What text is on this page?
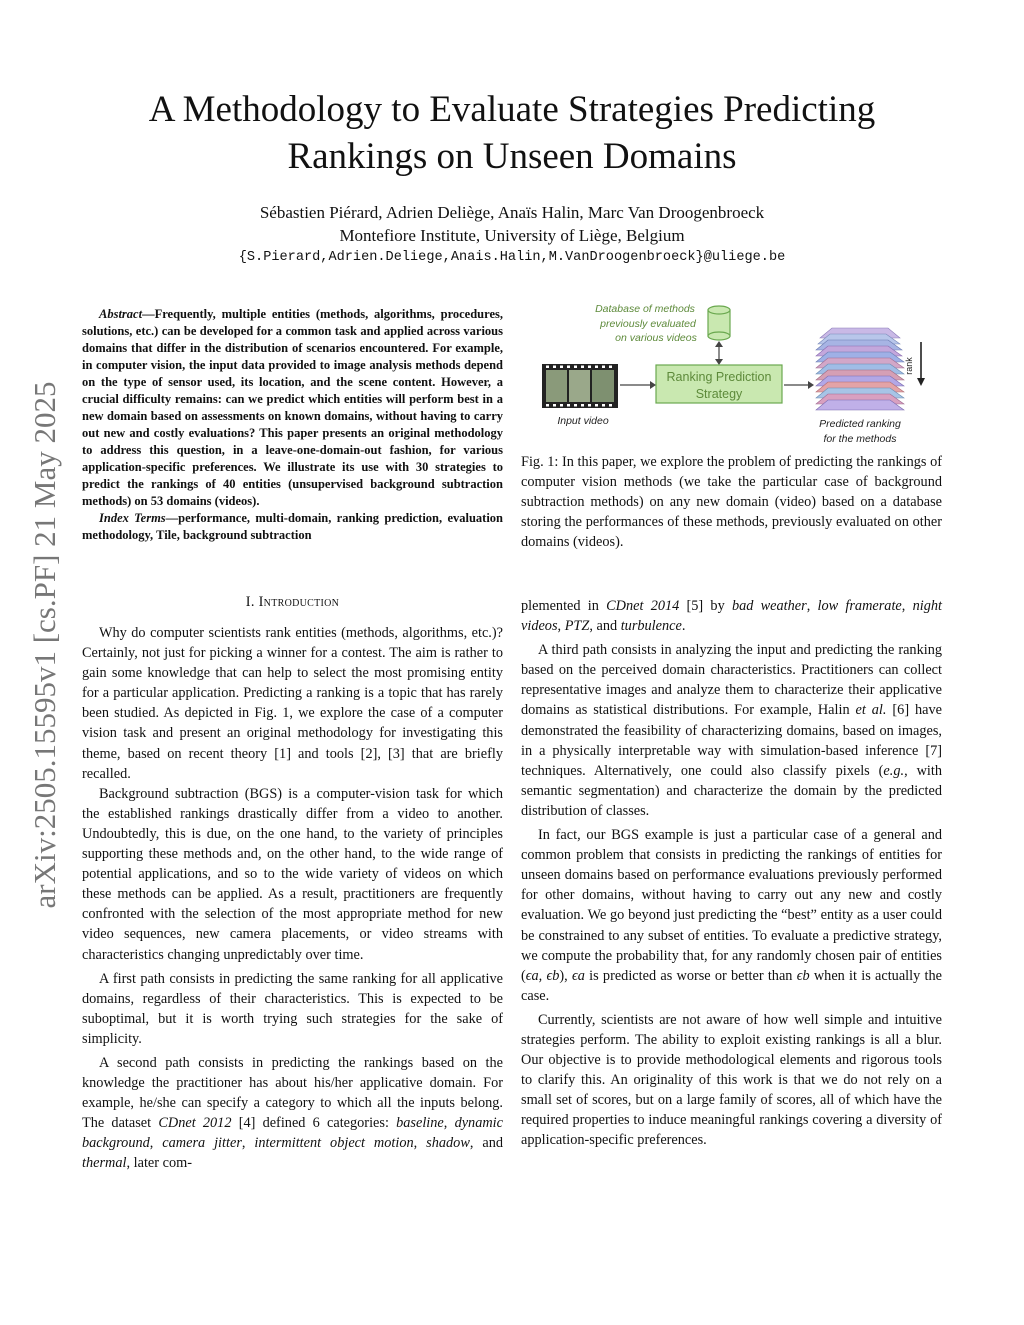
A Methodology to Evaluate Strategies Predicting
Rankings on Unseen Domains
Sébastien Piérard, Adrien Deliège, Anaïs Halin, Marc Van Droogenbroeck
Montefiore Institute, University of Liège, Belgium
{S.Pierard,Adrien.Deliege,Anais.Halin,M.VanDroogenbroeck}@uliege.be
arXiv:2505.15595v1 [cs.PF] 21 May 2025

Abstract—Frequently, multiple entities (methods, algorithms, procedures, solutions, etc.) can be developed for a common task and applied across various domains that differ in the distribution of scenarios encountered. For example, in computer vision, the input data provided to image analysis methods depend on the type of sensor used, its location, and the scene content. However, a crucial difficulty remains: can we predict which entities will perform best in a new domain based on assessments on known domains, without having to carry out new and costly evaluations? This paper presents an original methodology to address this question, in a leave-one-domain-out fashion, for various application-specific preferences. We illustrate its use with 30 strategies to predict the rankings of 40 entities (unsupervised background subtraction methods) on 53 domains (videos).

Index Terms—performance, multi-domain, ranking prediction, evaluation methodology, Tile, background subtraction

I. Introduction

Why do computer scientists rank entities (methods, algorithms, etc.)? Certainly, not just for picking a winner for a contest. The aim is rather to gain some knowledge that can help to select the most promising entity for a particular application. Predicting a ranking is a topic that has rarely been studied. As depicted in Fig. 1, we explore the case of a computer vision task and present an original methodology for investigating this theme, based on recent theory [1] and tools [2], [3] that are briefly recalled.

Background subtraction (BGS) is a computer-vision task for which the established rankings drastically differ from a video to another. Undoubtedly, this is due, on the one hand, to the variety of principles supporting these methods and, on the other hand, to the wide range of potential applications, and so to the wide variety of videos on which these methods can be applied. As a result, practitioners are frequently confronted with the selection of the most appropriate method for new video sequences, new camera placements, or video streams with characteristics changing unpredictably over time.

A first path consists in predicting the same ranking for all applicative domains, regardless of their characteristics. This is expected to be suboptimal, but it is worth trying such strategies for the sake of simplicity.

A second path consists in predicting the rankings based on the knowledge the practitioner has about his/her applicative domain. For example, he/she can specify a category to which all the inputs belong. The dataset CDnet 2012 [4] defined 6 categories: baseline, dynamic background, camera jitter, intermittent object motion, shadow, and thermal, later com-

Database of methods
previously evaluated
on various videos
Ranking Prediction
Strategy
Input video
rank
Predicted ranking
for the methods
Fig. 1: In this paper, we explore the problem of predicting the rankings of computer vision methods (we take the particular case of background subtraction methods) on any new domain (video) based on a database storing the performances of these methods, previously evaluated on other domains (videos).

plemented in CDnet 2014 [5] by bad weather, low framerate, night videos, PTZ, and turbulence.

A third path consists in analyzing the input and predicting the ranking based on the perceived domain characteristics. Practitioners can collect representative images and analyze them to characterize their applicative domains as statistical distributions. For example, Halin et al. [6] have demonstrated the feasibility of characterizing domains, based on images, in a physically interpretable way with simulation-based inference [7] techniques. Alternatively, one could also classify pixels (e.g., with semantic segmentation) and characterize the domain by the predicted distribution of classes.

In fact, our BGS example is just a particular case of a general and common problem that consists in predicting the rankings of entities for unseen domains based on performance evaluations previously performed for other domains, without having to carry out any new and costly evaluation. We go beyond just predicting the “best” entity as a user could be constrained to any subset of entities. To evaluate a predictive strategy, we compute the probability that, for any randomly chosen pair of entities (ϵa, ϵb), ϵa is predicted as worse or better than ϵb when it is actually the case.

Currently, scientists are not aware of how well simple and intuitive strategies perform. The ability to exploit existing rankings is all a blur. Our objective is to provide methodological elements and rigorous tools to clarify this. An originality of this work is that we do not rely on a small set of scores, but on a large family of scores, all of which have the required properties to induce meaningful rankings covering a diversity of application-specific preferences.
